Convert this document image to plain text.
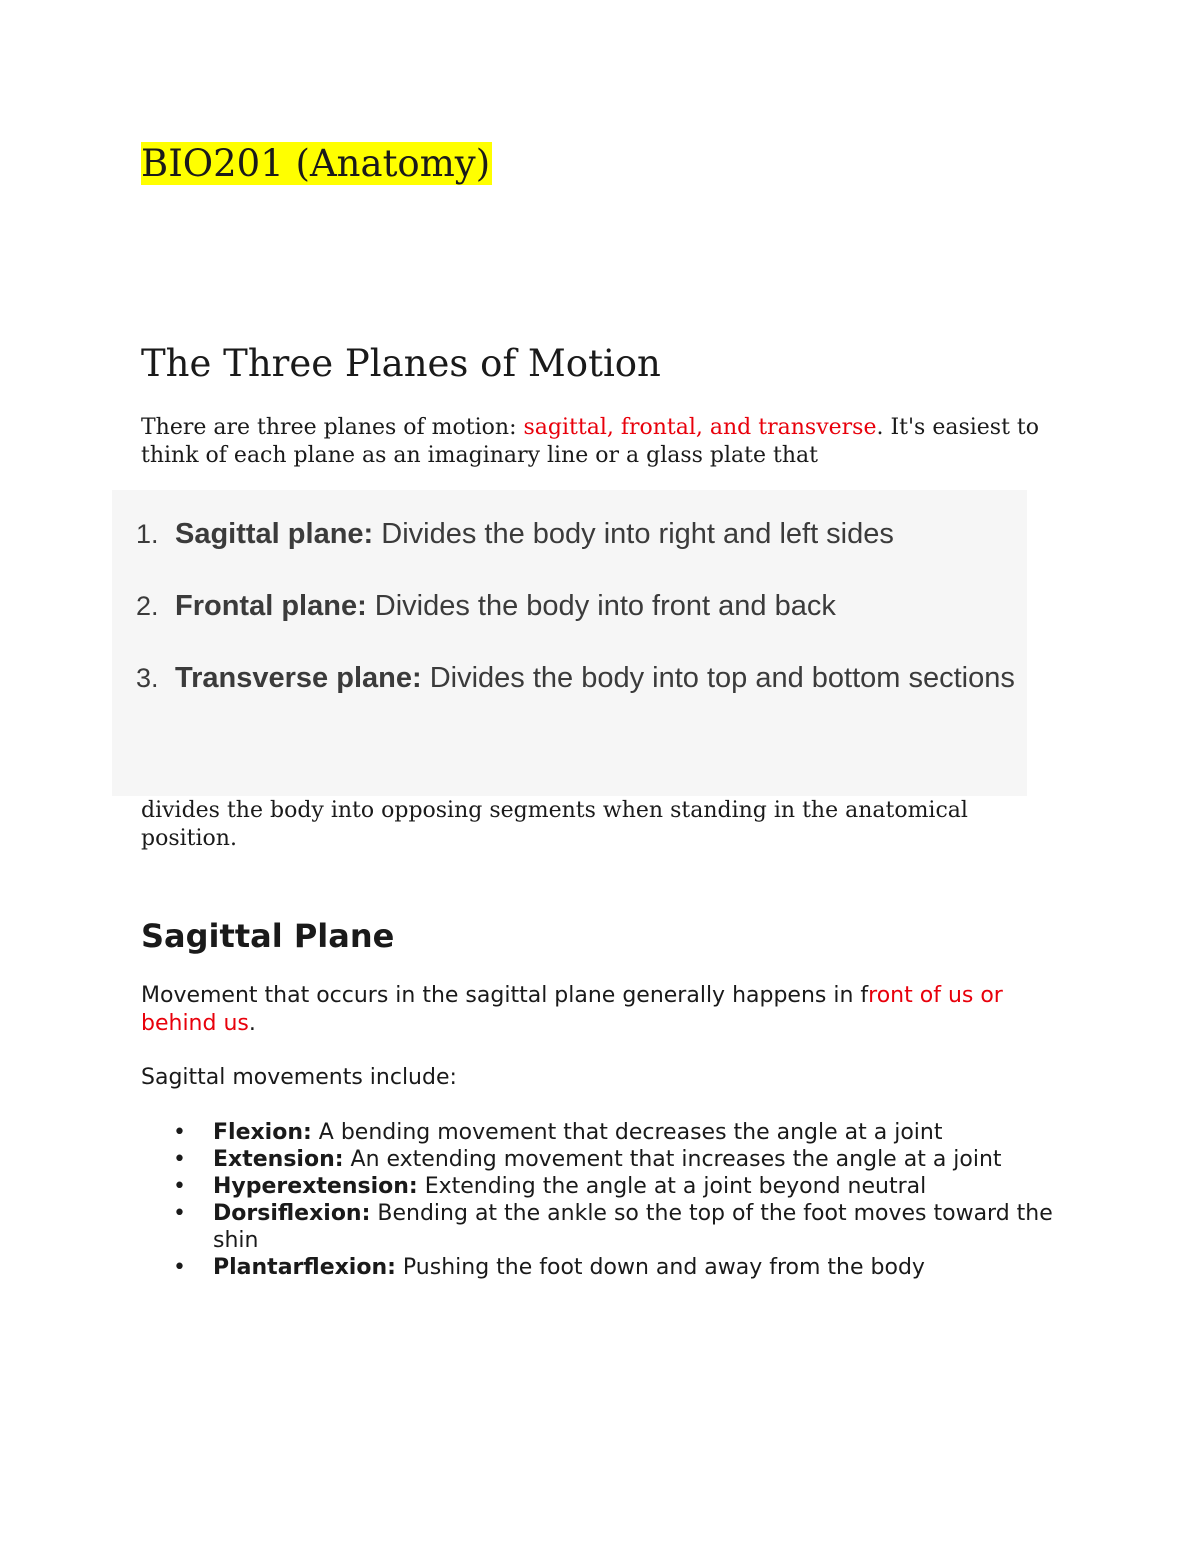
BIO201 (Anatomy)
The Three Planes of Motion

There are three planes of motion: sagittal, frontal, and transverse. It's easiest to think of each plane as an imaginary line or a glass plate that

1. Sagittal plane: Divides the body into right and left sides
2. Frontal plane: Divides the body into front and back
3. Transverse plane: Divides the body into top and bottom sections

divides the body into opposing segments when standing in the anatomical position.

Sagittal Plane

Movement that occurs in the sagittal plane generally happens in front of us or behind us.

Sagittal movements include:

• Flexion: A bending movement that decreases the angle at a joint
• Extension: An extending movement that increases the angle at a joint
• Hyperextension: Extending the angle at a joint beyond neutral
• Dorsiflexion: Bending at the ankle so the top of the foot moves toward the shin
• Plantarflexion: Pushing the foot down and away from the body
